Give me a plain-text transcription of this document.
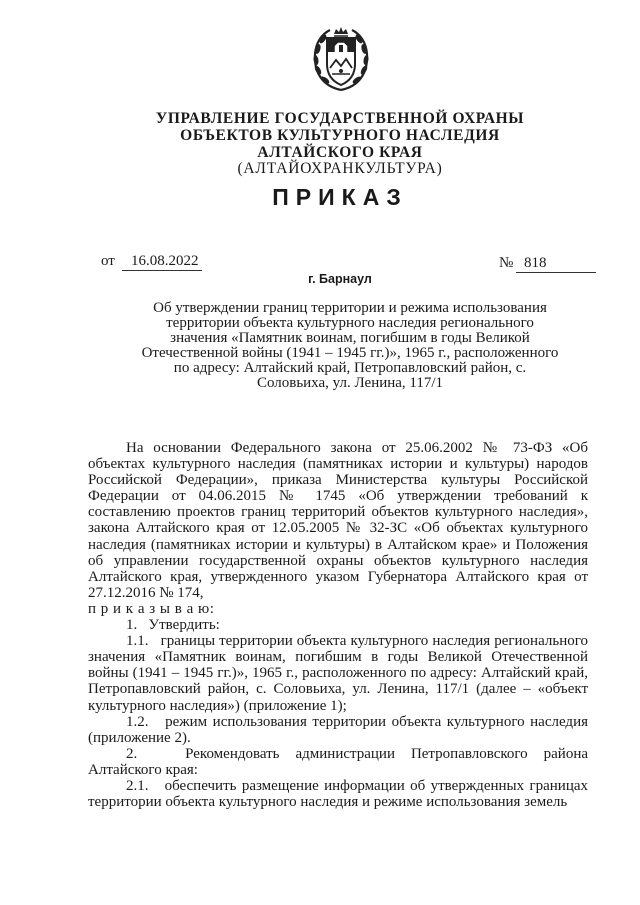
УПРАВЛЕНИЕ ГОСУДАРСТВЕННОЙ ОХРАНЫ
ОБЪЕКТОВ КУЛЬТУРНОГО НАСЛЕДИЯ
АЛТАЙСКОГО КРАЯ
(АЛТАЙОХРАНКУЛЬТУРА)
ПРИКАЗ
от 16.08.2022	№ 818
г. Барнаул
Об утверждении границ территории и режима использования территории объекта культурного наследия регионального значения «Памятник воинам, погибшим в годы Великой Отечественной войны (1941 – 1945 гг.)», 1965 г., расположенного по адресу: Алтайский край, Петропавловский район, с. Соловьиха, ул. Ленина, 117/1

На основании Федерального закона от 25.06.2002 № 73-ФЗ «Об объектах культурного наследия (памятниках истории и культуры) народов Российской Федерации», приказа Министерства культуры Российской Федерации от 04.06.2015 № 1745 «Об утверждении требований к составлению проектов границ территорий объектов культурного наследия», закона Алтайского края от 12.05.2005 № 32-ЗС «Об объектах культурного наследия (памятниках истории и культуры) в Алтайском крае» и Положения об управлении государственной охраны объектов культурного наследия Алтайского края, утвержденного указом Губернатора Алтайского края от 27.12.2016 № 174,

п р и к а з ы в а ю:

1. Утвердить:

1.1. границы территории объекта культурного наследия регионального значения «Памятник воинам, погибшим в годы Великой Отечественной войны (1941 – 1945 гг.)», 1965 г., расположенного по адресу: Алтайский край, Петропавловский район, с. Соловьиха, ул. Ленина, 117/1 (далее – «объект культурного наследия») (приложение 1);

1.2. режим использования территории объекта культурного наследия (приложение 2).

2.	Рекомендовать администрации Петропавловского района Алтайского края:

2.1. обеспечить размещение информации об утвержденных границах территории объекта культурного наследия и режиме использования земель
